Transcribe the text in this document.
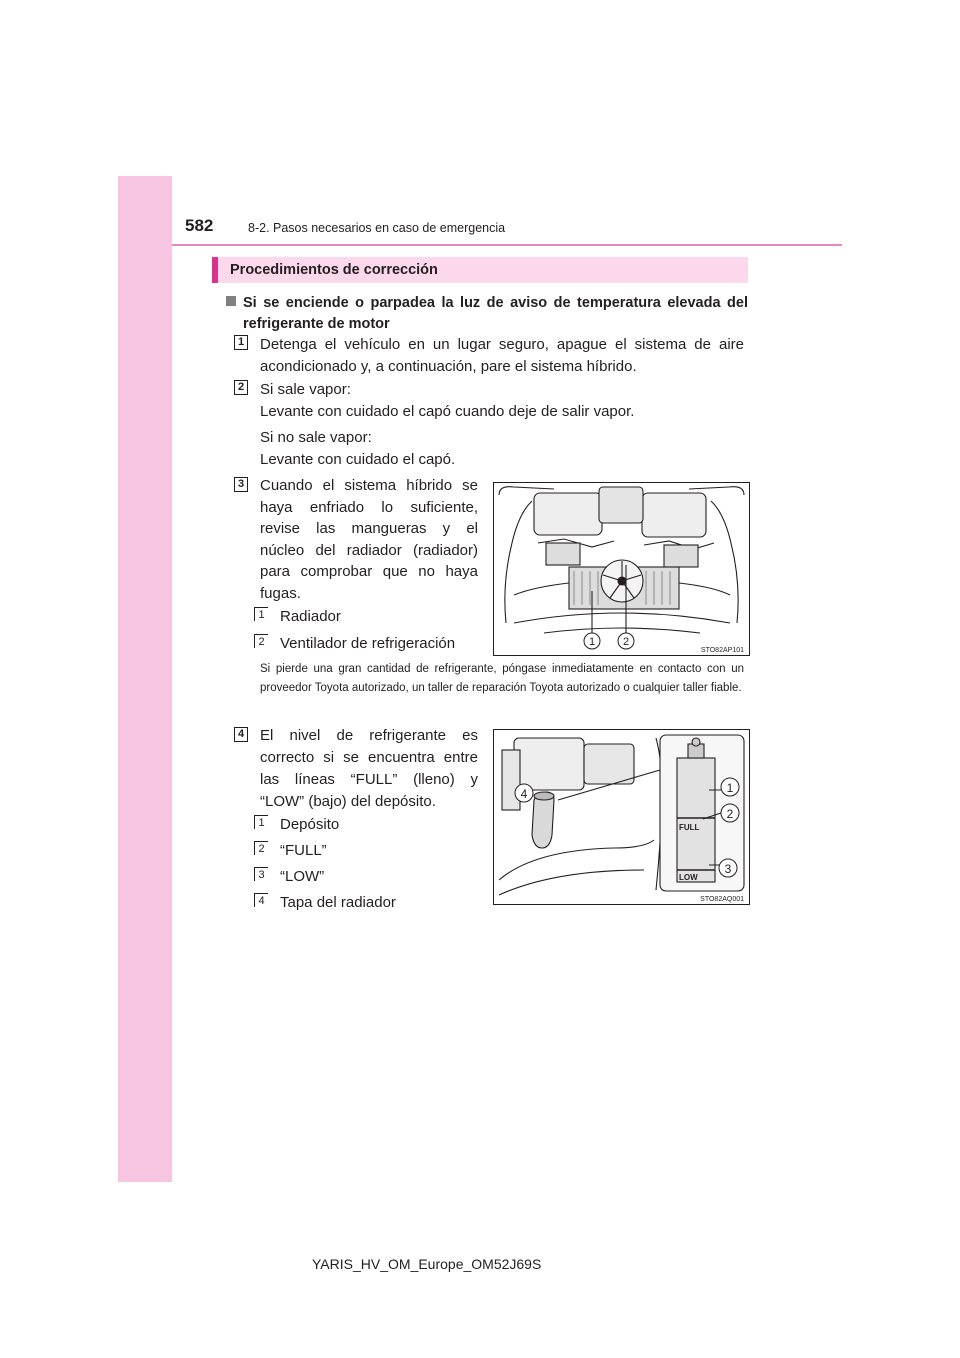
582	8-2. Pasos necesarios en caso de emergencia
Procedimientos de corrección
Si se enciende o parpadea la luz de aviso de temperatura elevada del refrigerante de motor
1 Detenga el vehículo en un lugar seguro, apague el sistema de aire acondicionado y, a continuación, pare el sistema híbrido.
2 Si sale vapor:
Levante con cuidado el capó cuando deje de salir vapor.
Si no sale vapor:
Levante con cuidado el capó.
3 Cuando el sistema híbrido se haya enfriado lo suficiente, revise las mangueras y el núcleo del radiador (radiador) para comprobar que no haya fugas.
1 Radiador
2 Ventilador de refrigeración
Si pierde una gran cantidad de refrigerante, póngase inmediatamente en contacto con un proveedor Toyota autorizado, un taller de reparación Toyota autorizado o cualquier taller fiable.
1	2
STO82AP101
4 El nivel de refrigerante es correcto si se encuentra entre las líneas “FULL” (lleno) y “LOW” (bajo) del depósito.
1 Depósito
2 “FULL”
3 “LOW”
4 Tapa del radiador
FULL
LOW
1
2
3
4
STO82AQ001
YARIS_HV_OM_Europe_OM52J69S
